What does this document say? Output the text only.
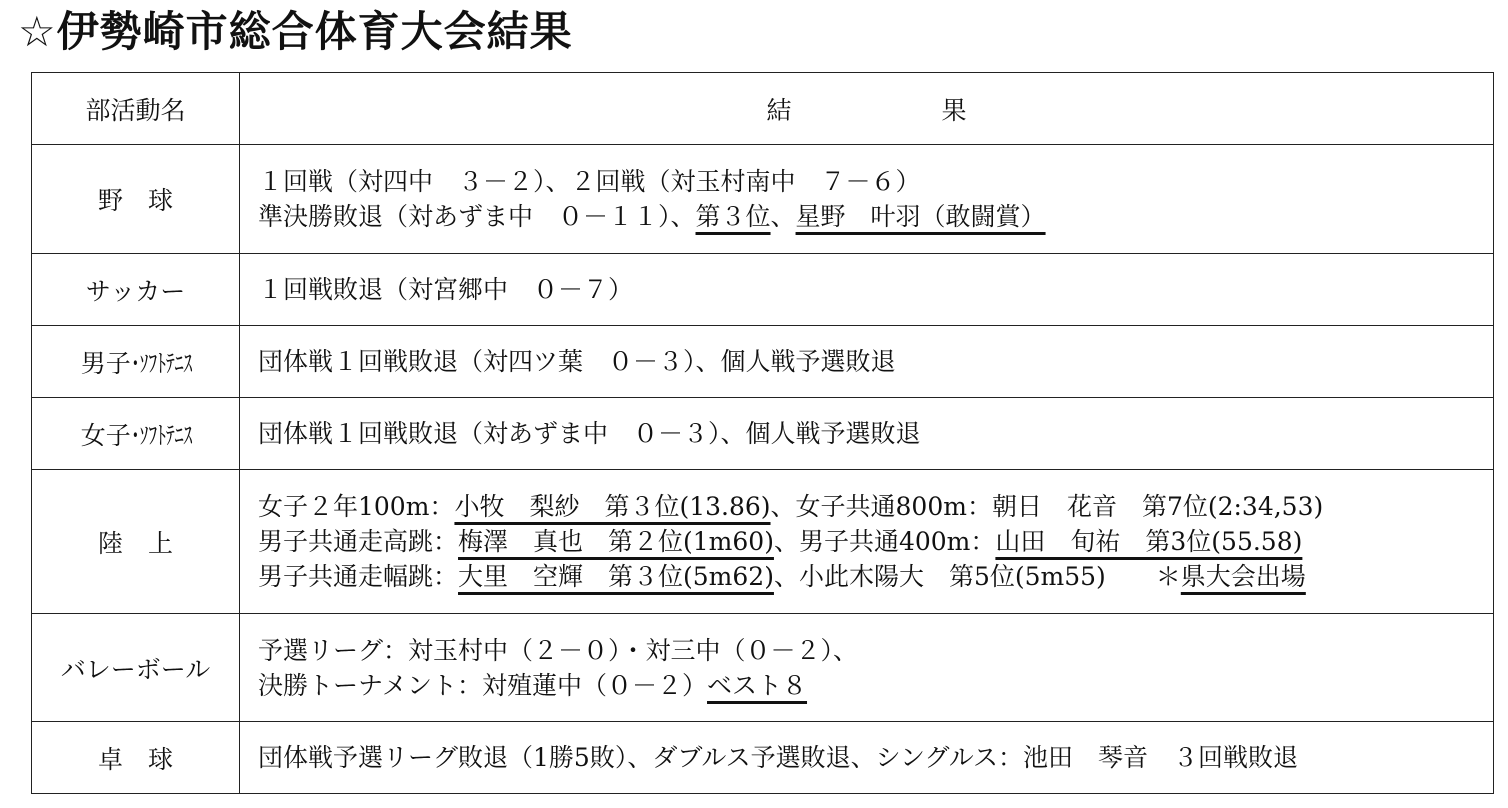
☆伊勢崎市総合体育大会結果
部活動名	結　　　　　　果
野　球	１回戦（対四中　３－２）、２回戦（対玉村南中　７－６）
準決勝敗退（対あずま中　０－１１）、第３位、星野　叶羽（敢闘賞）

サッカー	１回戦敗退（対宮郷中　０－７）

男子･ｿﾌﾄﾃﾆｽ	団体戦１回戦敗退（対四ツ葉　０－３）、個人戦予選敗退

女子･ｿﾌﾄﾃﾆｽ	団体戦１回戦敗退（対あずま中　０－３）、個人戦予選敗退

陸　上	女子２年100m：小牧　梨紗　第３位(13.86)、女子共通800m：朝日　花音　第7位(2:34,53)
男子共通走高跳：梅澤　真也　第２位(1m60)、男子共通400m：山田　旬祐　第3位(55.58)
男子共通走幅跳：大里　空輝　第３位(5m62)、小此木陽大　第5位(5m55)　　＊県大会出場

バレーボール	予選リーグ：対玉村中（２－０）・対三中（０－２）、
決勝トーナメント：対殖蓮中（０－２）ベスト８

卓　球	団体戦予選リーグ敗退（1勝5敗）、ダブルス予選敗退、シングルス：池田　琴音　３回戦敗退
